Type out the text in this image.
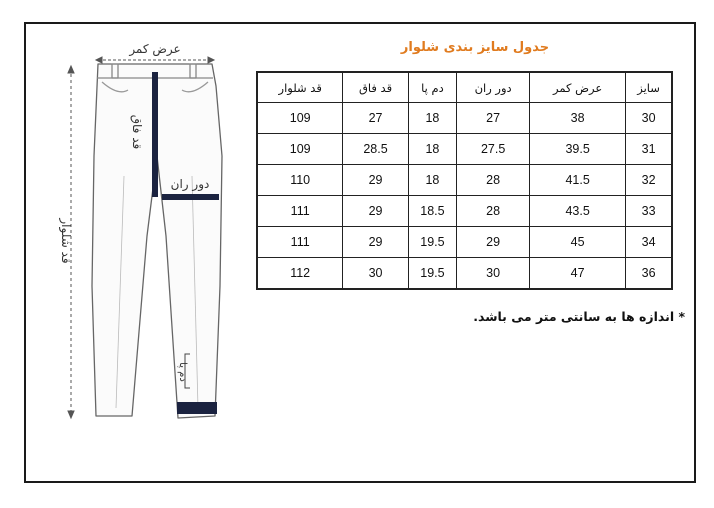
جدول سایز بندی شلوار
سایز	عرض کمر	دور ران	دم پا	قد فاق	قد شلوار
30	38	27	18	27	109
31	39.5	27.5	18	28.5	109
32	41.5	28	18	29	110
33	43.5	28	18.5	29	111
34	45	29	19.5	29	111
36	47	30	19.5	30	112
* اندازه ها به سانتی متر می باشد.
عرض کمر
قد شلوار
قد فاق
دور ران
دم پا
